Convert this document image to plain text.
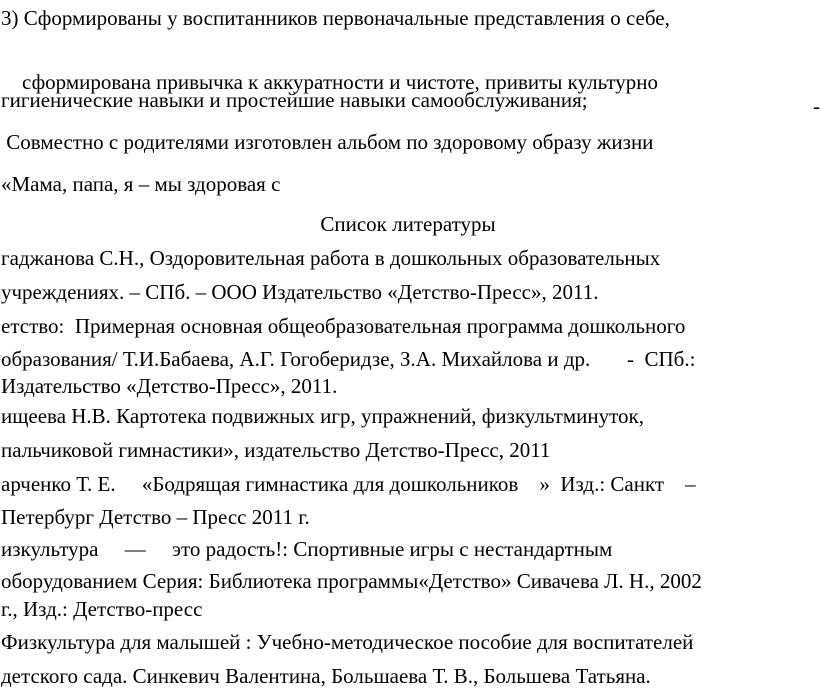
3) Сформированы у воспитанников первоначальные представления о себе,

сформирована привычка к аккуратности и чистоте, привиты культурно

-

гигиенические навыки и простейшие навыки самообслуживания;
Совместно с родителями изготовлен альбом по здоровому образу жизни
«Мама, папа, я – мы здоровая с
Список литературы
гаджанова С.Н., Оздоровительная работа в дошкольных образовательных
учреждениях. – СПб. – ООО Издательство «Детство-Пресс», 2011.
етство:  Примерная основная общеобразовательная программа дошкольного
образования/ Т.И.Бабаева, А.Г. Гогоберидзе, З.А. Михайлова и др.       -  СПб.:
Издательство «Детство-Пресс», 2011.
ищеева Н.В. Картотека подвижных игр, упражнений, физкультминуток,
пальчиковой гимнастики», издательство Детство-Пресс, 2011
арченко Т. Е.     «Бодрящая гимнастика для дошкольников    »  Изд.: Санкт    –
Петербург Детство – Пресс 2011 г.
изкультура     —     это радость!: Спортивные игры с нестандартным
оборудованием Серия: Библиотека программы«Детство» Сивачева Л. Н., 2002
г., Изд.: Детство-пресс
Физкультура для малышей : Учебно-методическое пособие для воспитателей
детского сада. Синкевич Валентина, Большаева Т. В., Большева Татьяна.
